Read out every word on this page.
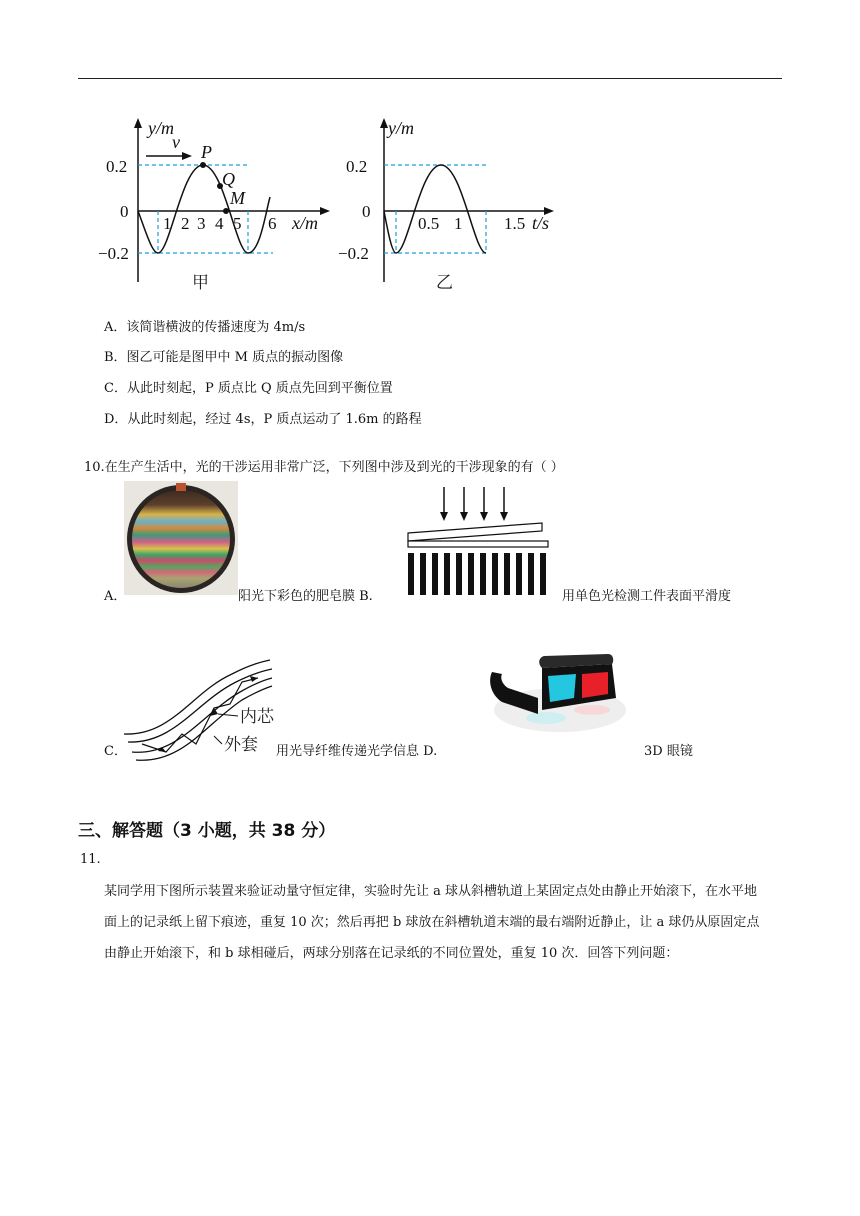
y/m
v P
Q
M
0.2
0
−0.2
1 2 3 4 5 6 x/m
甲
y/m
0.2
0
−0.2
0.5 1 1.5 t/s
乙
A．该简谐横波的传播速度为 4m/s
B．图乙可能是图甲中 M 质点的振动图像
C．从此时刻起，P 质点比 Q 质点先回到平衡位置
D．从此时刻起，经过 4s，P 质点运动了 1.6m 的路程
10.在生产生活中，光的干涉运用非常广泛，下列图中涉及到光的干涉现象的有（ ）
A．	阳光下彩色的肥皂膜 B.	用单色光检测工件表面平滑度
内芯
外套
C．	用光导纤维传递光学信息 D.	3D 眼镜
三、解答题（3 小题，共 38 分）
11.
某同学用下图所示装置来验证动量守恒定律，实验时先让 a 球从斜槽轨道上某固定点处由静止开始滚下，在水平地面上的记录纸上留下痕迹，重复 10 次；然后再把 b 球放在斜槽轨道末端的最右端附近静止，让 a 球仍从原固定点由静止开始滚下，和 b 球相碰后，两球分别落在记录纸的不同位置处，重复 10 次．回答下列问题：
